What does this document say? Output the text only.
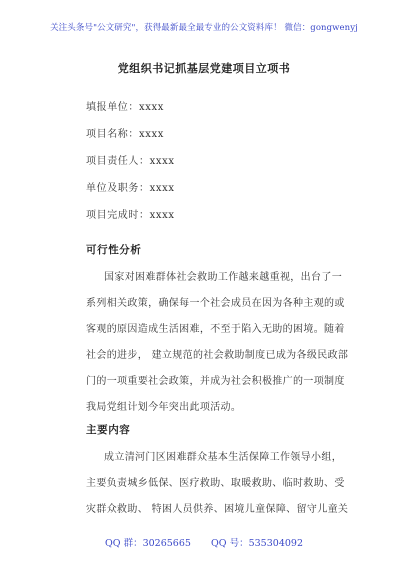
关注头条号"公文研究"，获得最新最全最专业的公文资料库！ 微信：gongwenyj
党组织书记抓基层党建项目立项书
填报单位：xxxx
项目名称：xxxx
项目责任人：xxxx
单位及职务：xxxx
项目完成时：xxxx
可行性分析
国家对困难群体社会救助工作越来越重视，出台了一
系列相关政策，确保每一个社会成员在因为各种主观的或
客观的原因造成生活困难，不至于陷入无助的困境。随着
社会的进步， 建立规范的社会救助制度已成为各级民政部
门的一项重要社会政策，并成为社会积极推广的一项制度
我局党组计划今年突出此项活动。
主要内容
成立清河门区困难群众基本生活保障工作领导小组，
主要负责城乡低保、医疗救助、取暖救助、临时救助、受
灾群众救助、 特困人员供养、困境儿童保障、留守儿童关
QQ 群：30265665 QQ 号：535304092
